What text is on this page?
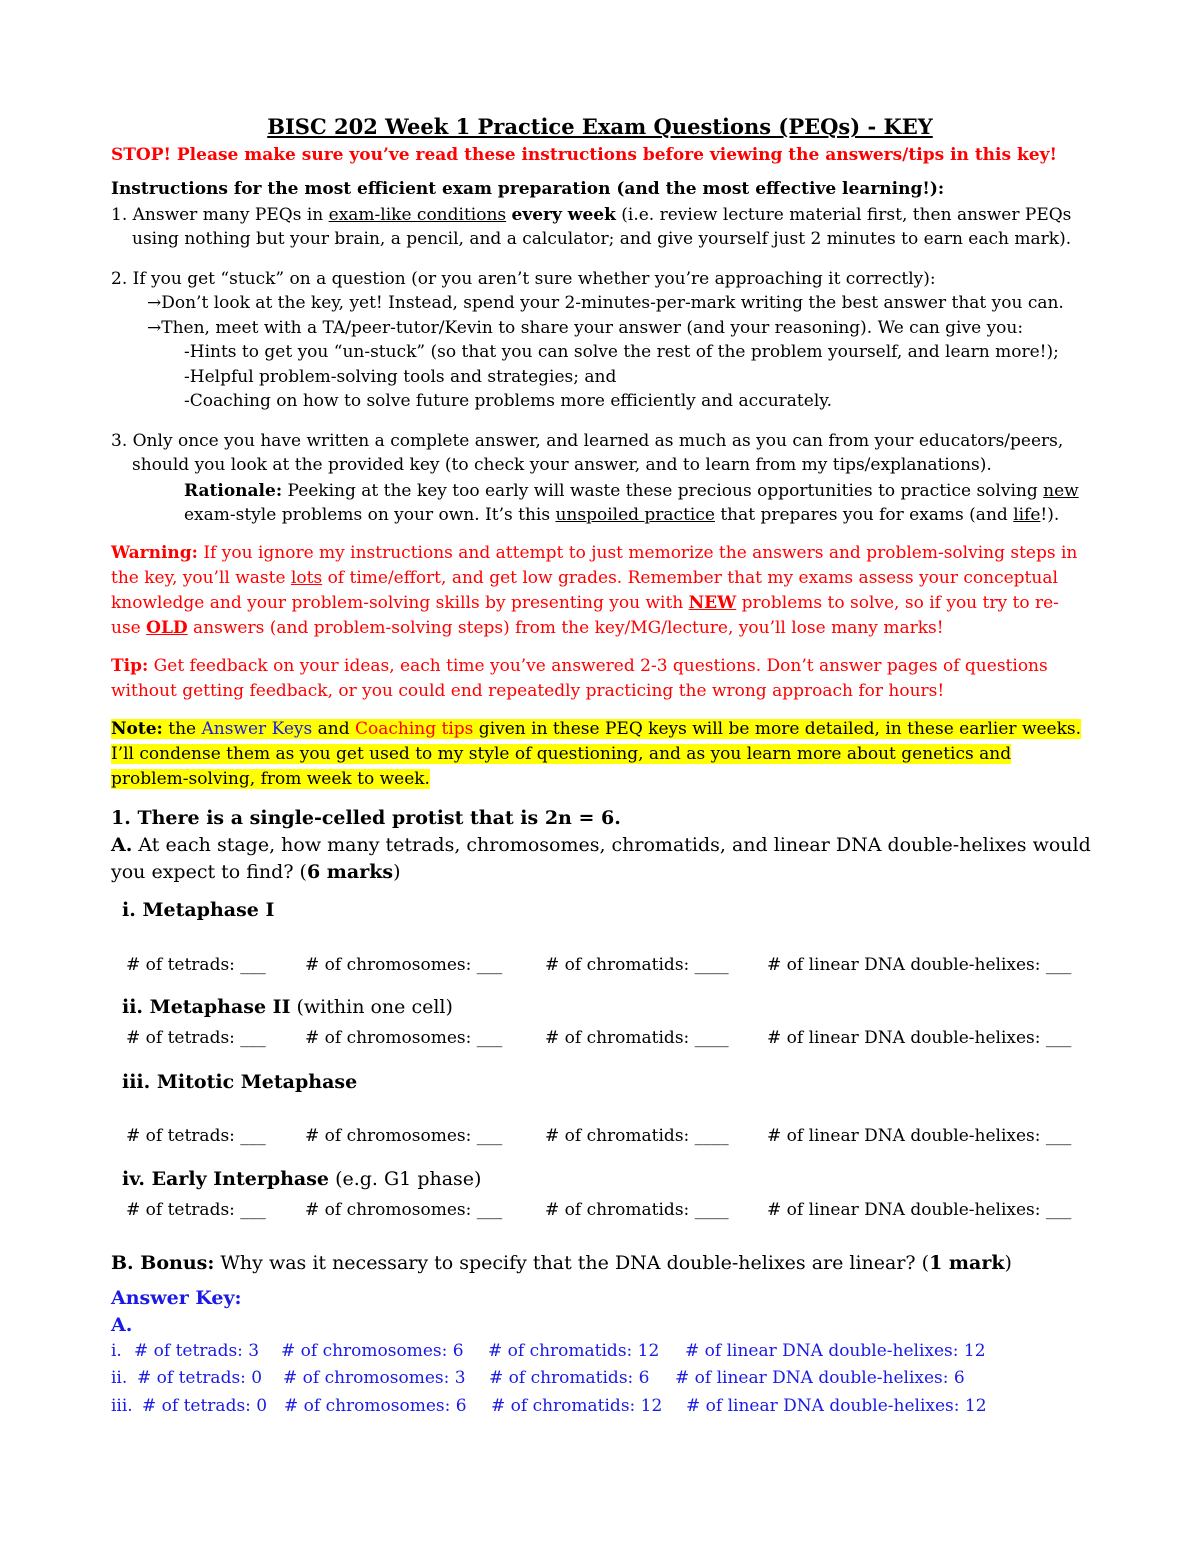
BISC 202 Week 1 Practice Exam Questions (PEQs) - KEY
STOP! Please make sure you’ve read these instructions before viewing the answers/tips in this key!
Instructions for the most efficient exam preparation (and the most effective learning!):
1. Answer many PEQs in exam-like conditions every week (i.e. review lecture material first, then answer PEQs
using nothing but your brain, a pencil, and a calculator; and give yourself just 2 minutes to earn each mark).
2. If you get “stuck” on a question (or you aren’t sure whether you’re approaching it correctly):
→Don’t look at the key, yet! Instead, spend your 2-minutes-per-mark writing the best answer that you can.
→Then, meet with a TA/peer-tutor/Kevin to share your answer (and your reasoning). We can give you:
-Hints to get you “un-stuck” (so that you can solve the rest of the problem yourself, and learn more!);
-Helpful problem-solving tools and strategies; and
-Coaching on how to solve future problems more efficiently and accurately.
3. Only once you have written a complete answer, and learned as much as you can from your educators/peers,
should you look at the provided key (to check your answer, and to learn from my tips/explanations).
Rationale: Peeking at the key too early will waste these precious opportunities to practice solving new
exam-style problems on your own. It’s this unspoiled practice that prepares you for exams (and life!).
Warning: If you ignore my instructions and attempt to just memorize the answers and problem-solving steps in
the key, you’ll waste lots of time/effort, and get low grades. Remember that my exams assess your conceptual
knowledge and your problem-solving skills by presenting you with NEW problems to solve, so if you try to re-
use OLD answers (and problem-solving steps) from the key/MG/lecture, you’ll lose many marks!
Tip: Get feedback on your ideas, each time you’ve answered 2-3 questions. Don’t answer pages of questions
without getting feedback, or you could end repeatedly practicing the wrong approach for hours!
Note: the Answer Keys and Coaching tips given in these PEQ keys will be more detailed, in these earlier weeks.
I’ll condense them as you get used to my style of questioning, and as you learn more about genetics and
problem-solving, from week to week.
1. There is a single-celled protist that is 2n = 6.
A. At each stage, how many tetrads, chromosomes, chromatids, and linear DNA double-helixes would
you expect to find? (6 marks)
i. Metaphase I
# of tetrads: ___ # of chromosomes: ___	# of chromatids: ____ # of linear DNA double-helixes: ___
ii. Metaphase II (within one cell)
# of tetrads: ___ # of chromosomes: ___	# of chromatids: ____ # of linear DNA double-helixes: ___
iii. Mitotic Metaphase
# of tetrads: ___ # of chromosomes: ___	# of chromatids: ____ # of linear DNA double-helixes: ___
iv. Early Interphase (e.g. G1 phase)
# of tetrads: ___ # of chromosomes: ___	# of chromatids: ____ # of linear DNA double-helixes: ___
B. Bonus: Why was it necessary to specify that the DNA double-helixes are linear? (1 mark)
Answer Key:
A.
i. # of tetrads: 3 # of chromosomes: 6 # of chromatids: 12 # of linear DNA double-helixes: 12
ii. # of tetrads: 0 # of chromosomes: 3 # of chromatids: 6 # of linear DNA double-helixes: 6
iii. # of tetrads: 0 # of chromosomes: 6 # of chromatids: 12 # of linear DNA double-helixes: 12
